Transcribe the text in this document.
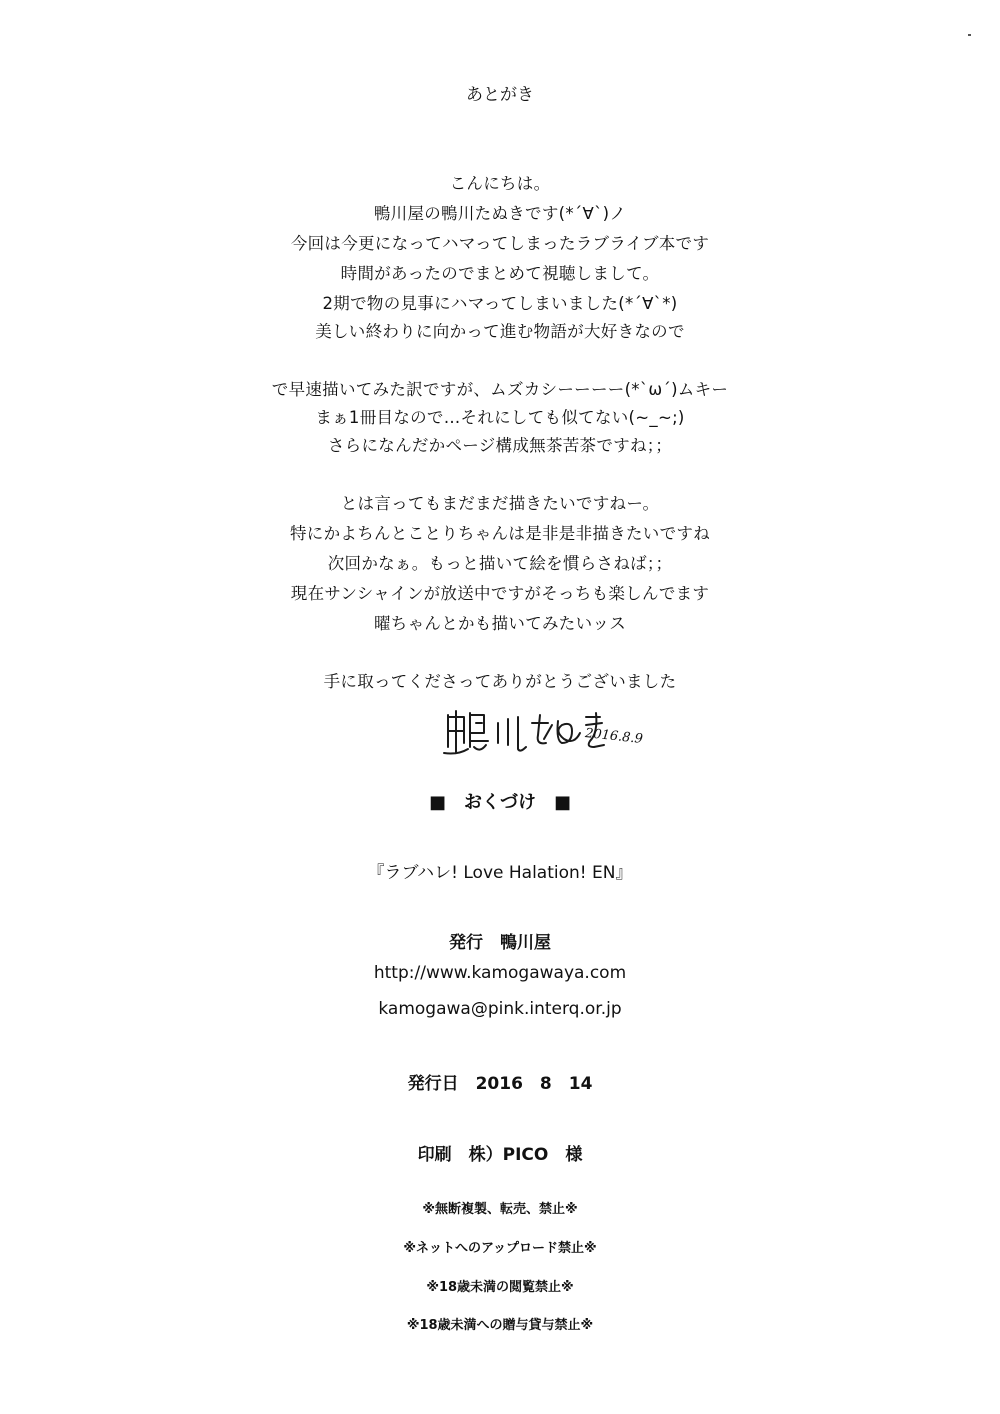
あとがき
こんにちは。
鴨川屋の鴨川たぬきです(*´∀`)ノ
今回は今更になってハマってしまったラブライブ本です
時間があったのでまとめて視聴しまして。
2期で物の見事にハマってしまいました(*´∀`*)
美しい終わりに向かって進む物語が大好きなので
で早速描いてみた訳ですが、ムズカシーーーー(*`ω´)ムキー
まぁ1冊目なので…それにしても似てない(~_~;)
さらになんだかページ構成無茶苦茶ですね；；
とは言ってもまだまだ描きたいですねー。
特にかよちんとことりちゃんは是非是非描きたいですね
次回かなぁ。もっと描いて絵を慣らさねば；；
現在サンシャインが放送中ですがそっちも楽しんでます
曜ちゃんとかも描いてみたいッス
手に取ってくださってありがとうございました
2016.8.9
■　おくづけ　■
『ラブハレ! Love Halation! EN』
発行　鴨川屋
http://www.kamogawaya.com
kamogawa@pink.interq.or.jp
発行日　2016　8　14
印刷　株）PICO　様
※無断複製、転売、禁止※
※ネットへのアップロード禁止※
※18歳未満の閲覧禁止※
※18歳未満への贈与貸与禁止※
